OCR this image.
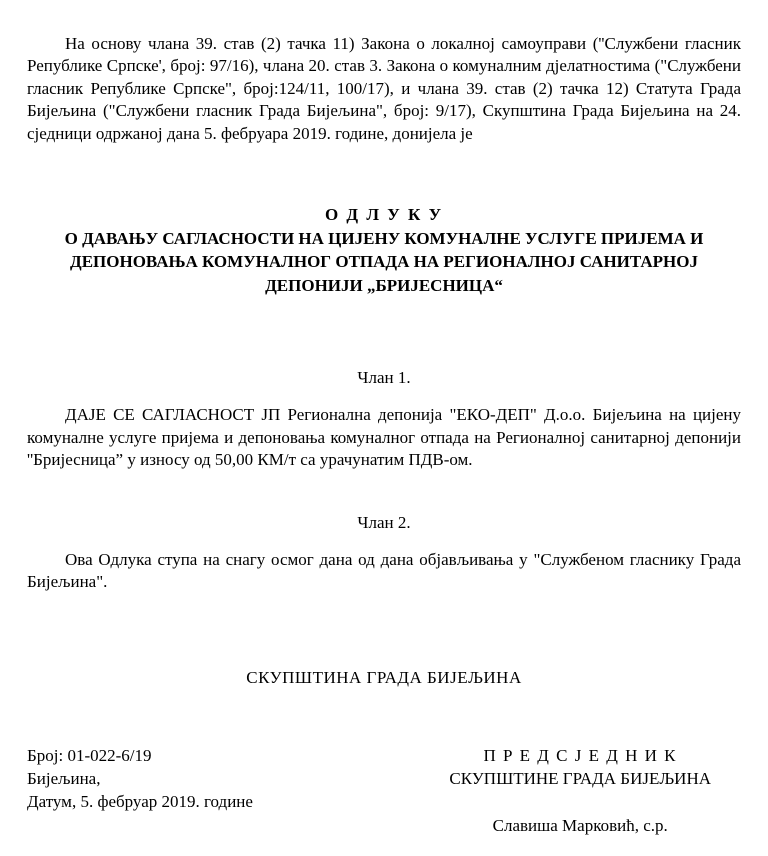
На основу члана 39. став (2) тачка 11) Закона о локалној самоуправи (''Службени гласник Републике Српске', број: 97/16), члана 20. став 3. Закона о комуналним дјелатностима ("Службени гласник Републике Српске", број:124/11, 100/17), и члана 39. став (2) тачка 12) Статута Града Бијељина ("Службени гласник Града Бијељина", број: 9/17), Скупштина Града Бијељина на 24. сједници одржаној дана 5. фебруара 2019. године, донијела је

О Д Л У К У
О ДАВАЊУ САГЛАСНОСТИ НА ЦИЈЕНУ КОМУНАЛНЕ УСЛУГЕ ПРИЈЕМА И
ДЕПОНОВАЊА КОМУНАЛНОГ ОТПАДА НА РЕГИОНАЛНОЈ САНИТАРНОЈ
ДЕПОНИЈИ „БРИЈЕСНИЦА“
Члан 1.

ДАЈЕ СЕ САГЛАСНОСТ ЈП Регионална депонија "ЕКО-ДЕП" Д.о.о. Бијељина на цијену комуналне услуге пријема и депоновања комуналног отпада на Регионалној санитарној депонији ''Бријесница” у износу од 50,00 КМ/т са урачунатим ПДВ-ом.

Члан 2.

Ова Одлука ступа на снагу осмог дана од дана објављивања у "Службеном гласнику Града Бијељина".

СКУПШТИНА ГРАДА БИЈЕЉИНА
Број: 01-022-6/19
Бијељина,
Датум, 5. фебруар 2019. године
П Р Е Д С Ј Е Д Н И К
СКУПШТИНЕ ГРАДА БИЈЕЉИНА
Славиша Марковић, с.р.
